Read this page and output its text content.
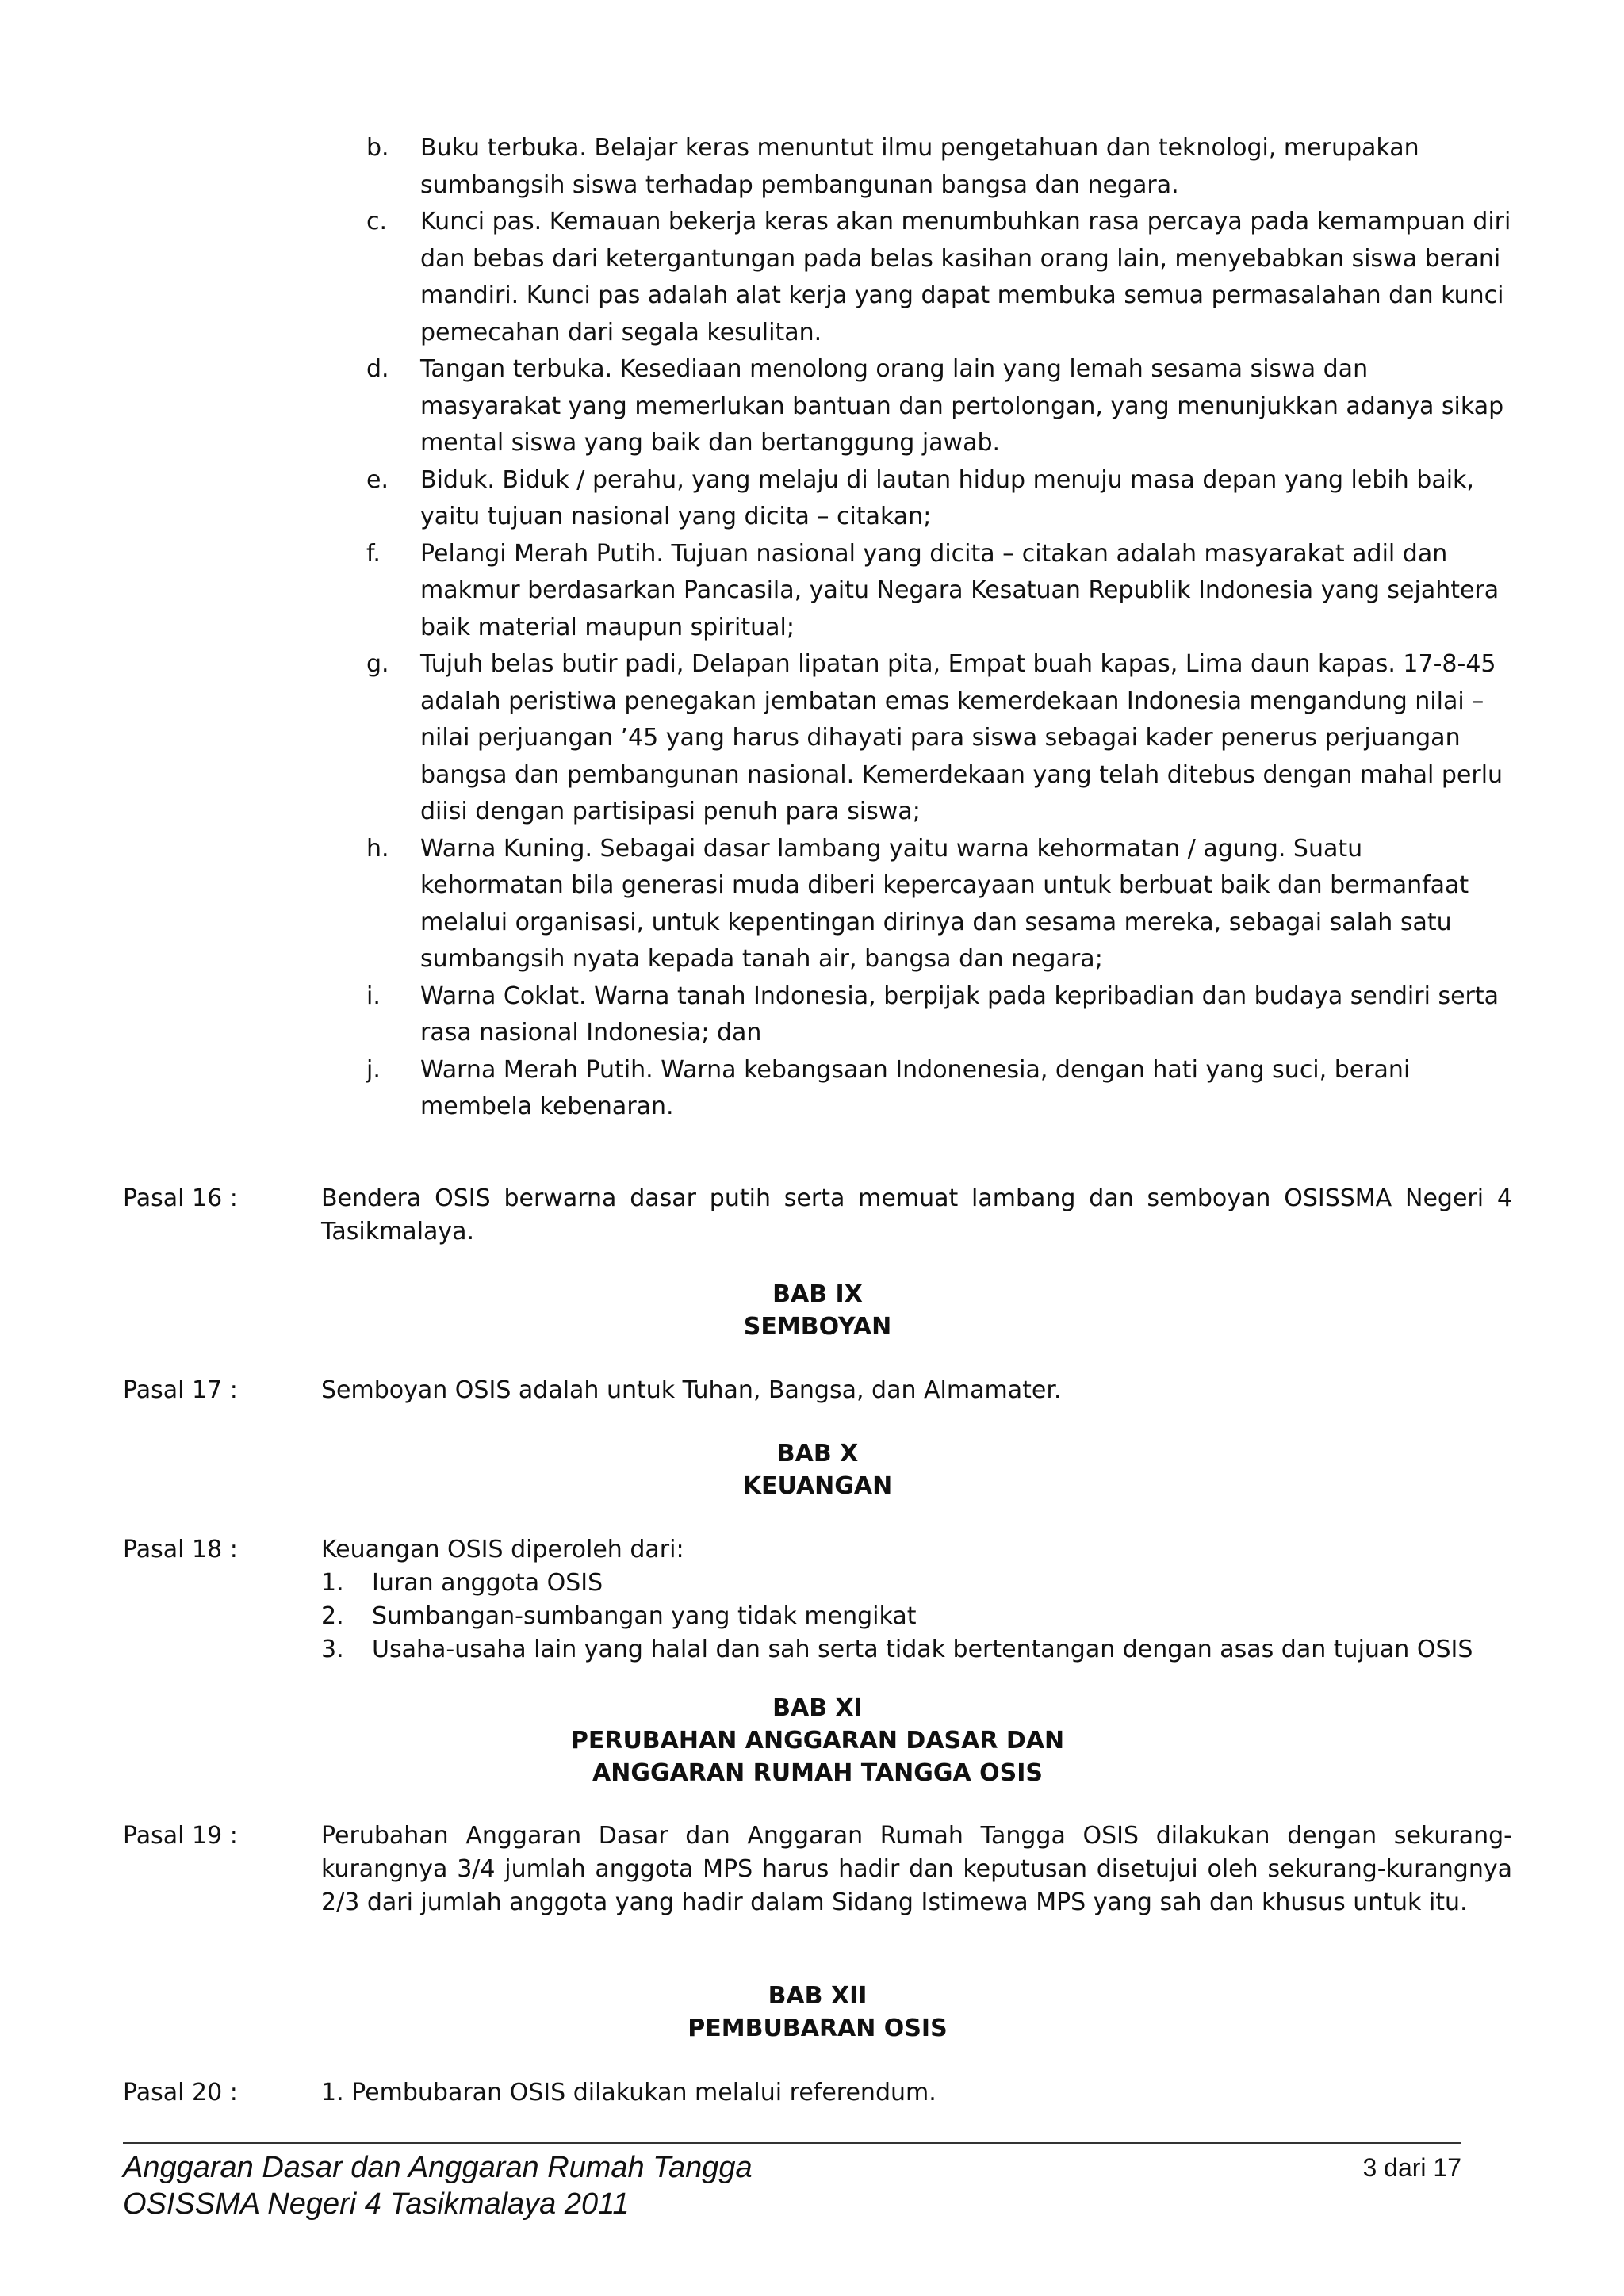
b.	Buku terbuka. Belajar keras menuntut ilmu pengetahuan dan teknologi, merupakan sumbangsih siswa terhadap pembangunan bangsa dan negara.
c.	Kunci pas. Kemauan bekerja keras akan menumbuhkan rasa percaya pada kemampuan diri dan bebas dari ketergantungan pada belas kasihan orang lain, menyebabkan siswa berani mandiri. Kunci pas adalah alat kerja yang dapat membuka semua permasalahan dan kunci pemecahan dari segala kesulitan.
d.	Tangan terbuka. Kesediaan menolong orang lain yang lemah sesama siswa dan masyarakat yang memerlukan bantuan dan pertolongan, yang menunjukkan adanya sikap mental siswa yang baik dan bertanggung jawab.
e.	Biduk. Biduk / perahu, yang melaju di lautan hidup menuju masa depan yang lebih baik, yaitu tujuan nasional yang dicita – citakan;
f.	Pelangi Merah Putih. Tujuan nasional yang dicita – citakan adalah masyarakat adil dan makmur berdasarkan Pancasila, yaitu Negara Kesatuan Republik Indonesia yang sejahtera baik material maupun spiritual;
g.	Tujuh belas butir padi, Delapan lipatan pita, Empat buah kapas, Lima daun kapas. 17-8-45 adalah peristiwa penegakan jembatan emas kemerdekaan Indonesia mengandung nilai – nilai perjuangan ’45 yang harus dihayati para siswa sebagai kader penerus perjuangan bangsa dan pembangunan nasional. Kemerdekaan yang telah ditebus dengan mahal perlu diisi dengan partisipasi penuh para siswa;
h.	Warna Kuning. Sebagai dasar lambang yaitu warna kehormatan / agung. Suatu kehormatan bila generasi muda diberi kepercayaan untuk berbuat baik dan bermanfaat melalui organisasi, untuk kepentingan dirinya dan sesama mereka, sebagai salah satu sumbangsih nyata kepada tanah air, bangsa dan negara;
i.	Warna Coklat. Warna tanah Indonesia, berpijak pada kepribadian dan budaya sendiri serta rasa nasional Indonesia; dan
j.	Warna Merah Putih. Warna kebangsaan Indonenesia, dengan hati yang suci, berani membela kebenaran.
Pasal 16 :	Bendera OSIS berwarna dasar putih serta memuat lambang dan semboyan OSISSMA Negeri 4 Tasikmalaya.
BAB IX
SEMBOYAN
Pasal 17 :	Semboyan OSIS adalah untuk Tuhan, Bangsa, dan Almamater.
BAB X
KEUANGAN
Pasal 18 :	Keuangan OSIS diperoleh dari:
1. Iuran anggota OSIS
2. Sumbangan-sumbangan yang tidak mengikat
3. Usaha-usaha lain yang halal dan sah serta tidak bertentangan dengan asas dan tujuan OSIS
BAB XI
PERUBAHAN ANGGARAN DASAR DAN
ANGGARAN RUMAH TANGGA OSIS
Pasal 19 :	Perubahan Anggaran Dasar dan Anggaran Rumah Tangga OSIS dilakukan dengan sekurang-kurangnya 3/4 jumlah anggota MPS harus hadir dan keputusan disetujui oleh sekurang-kurangnya 2/3 dari jumlah anggota yang hadir dalam Sidang Istimewa MPS yang sah dan khusus untuk itu.
BAB XII
PEMBUBARAN OSIS
Pasal 20 :	1. Pembubaran OSIS dilakukan melalui referendum.
Anggaran Dasar dan Anggaran Rumah Tangga
OSISSMA Negeri 4 Tasikmalaya 2011
3 dari 17
